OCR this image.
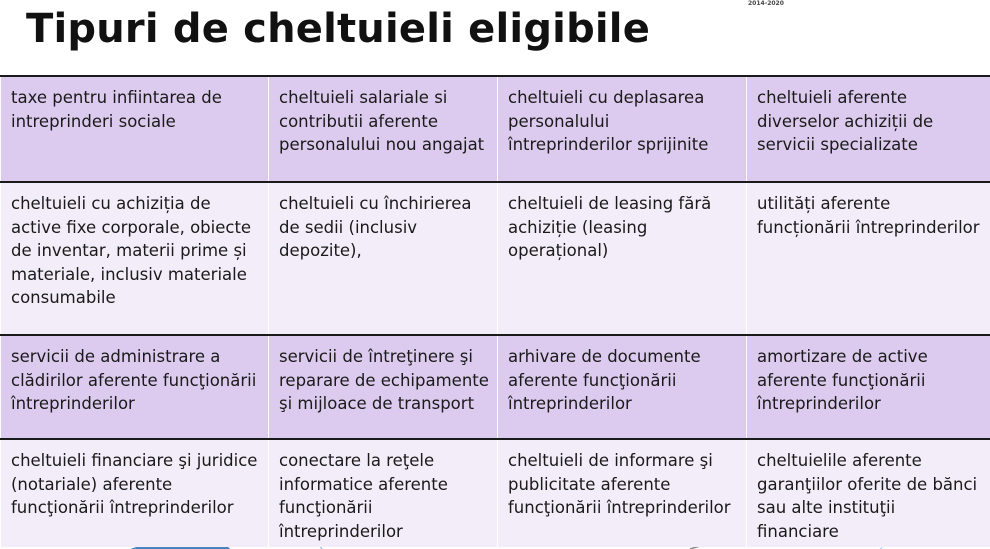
Tipuri de cheltuieli eligibile
2014-2020
taxe pentru infiintarea de intreprinderi sociale	cheltuieli salariale si contributii aferente personalului nou angajat	cheltuieli cu deplasarea personalului întreprinderilor sprijinite	cheltuieli aferente diverselor achiziții de servicii specializate
cheltuieli cu achiziția de active fixe corporale, obiecte de inventar, materii prime și materiale, inclusiv materiale consumabile	cheltuieli cu închirierea de sedii (inclusiv depozite),	cheltuieli de leasing fără achiziție (leasing operațional)	utilități aferente funcționării întreprinderilor
servicii de administrare a clădirilor aferente funcţionării întreprinderilor	servicii de întreţinere şi reparare de echipamente şi mijloace de transport	arhivare de documente aferente funcţionării întreprinderilor	amortizare de active aferente funcţionării întreprinderilor
cheltuieli financiare şi juridice (notariale) aferente funcţionării întreprinderilor	conectare la reţele informatice aferente funcţionării întreprinderilor	cheltuieli de informare şi publicitate aferente funcţionării întreprinderilor	cheltuielile aferente garanţiilor oferite de bănci sau alte instituţii financiare
